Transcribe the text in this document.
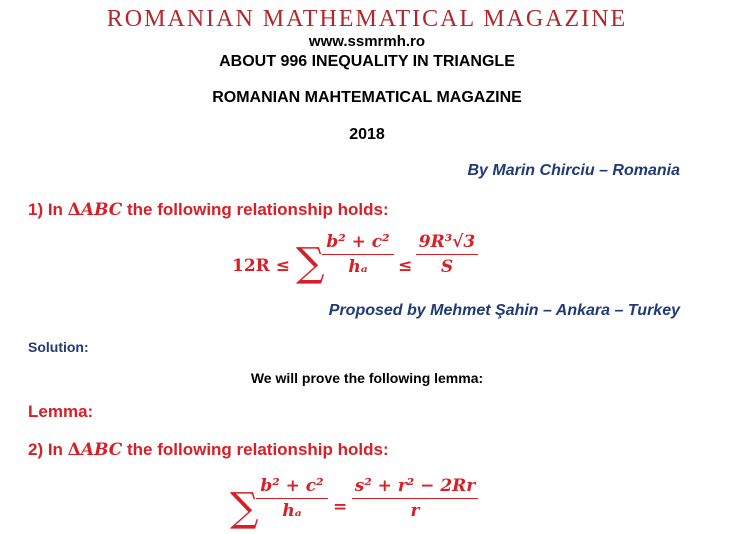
ROMANIAN MATHEMATICAL MAGAZINE
www.ssmrmh.ro
ABOUT 996 INEQUALITY IN TRIANGLE
ROMANIAN MAHTEMATICAL MAGAZINE
2018
By Marin Chirciu – Romania
1) In ΔABC the following relationship holds:
12R ≤ ∑
$\frac{\text{b² + c²}}{\text{hₐ}} \le \frac{\text{9R³√3}}{S}$
Proposed by Mehmet Şahin – Ankara – Turkey
Solution:
We will prove the following lemma:
Lemma:
2) In ΔABC the following relationship holds:
∑
$\frac{\text{b² + c²}}{\text{hₐ}} = \frac{\text{s² + r² − 2Rr}}{r}$
